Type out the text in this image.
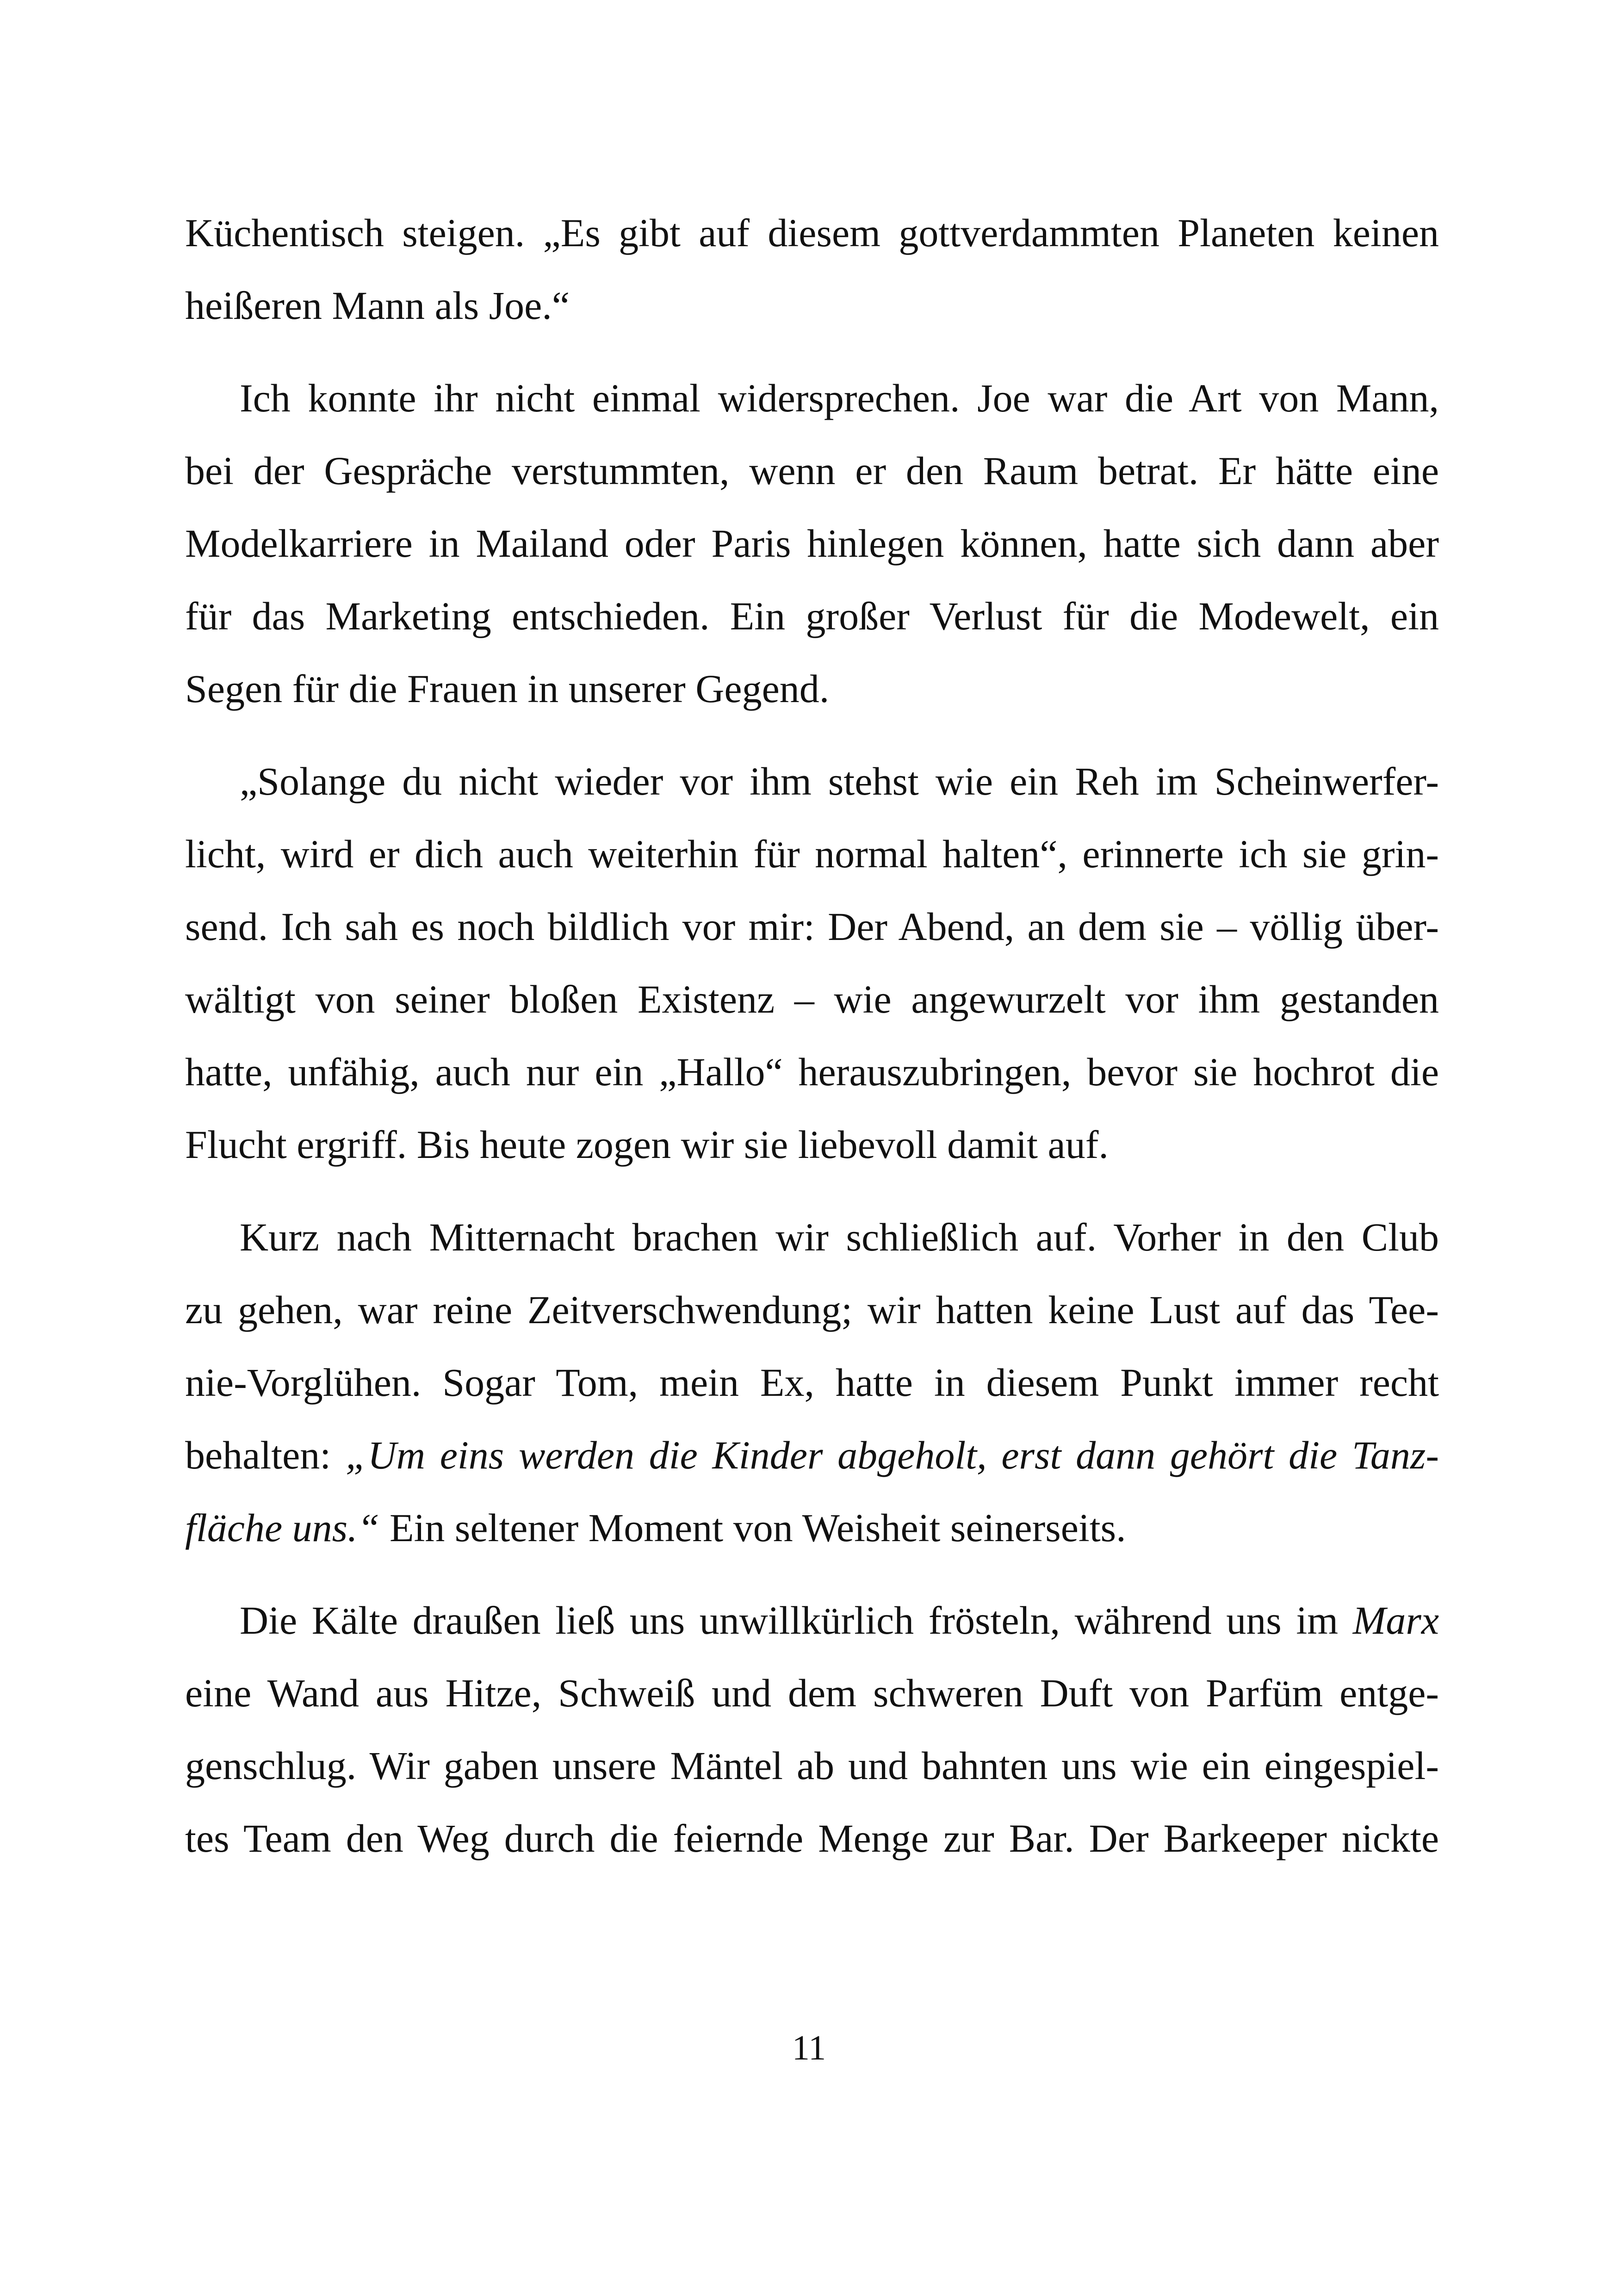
Küchentisch steigen. „Es gibt auf diesem gottverdammten Planeten keinen
heißeren Mann als Joe.“
Ich konnte ihr nicht einmal widersprechen. Joe war die Art von Mann,
bei der Gespräche verstummten, wenn er den Raum betrat. Er hätte eine
Modelkarriere in Mailand oder Paris hinlegen können, hatte sich dann aber
für das Marketing entschieden. Ein großer Verlust für die Modewelt, ein
Segen für die Frauen in unserer Gegend.
„Solange du nicht wieder vor ihm stehst wie ein Reh im Scheinwerfer-
licht, wird er dich auch weiterhin für normal halten“, erinnerte ich sie grin-
send. Ich sah es noch bildlich vor mir: Der Abend, an dem sie – völlig über-
wältigt von seiner bloßen Existenz – wie angewurzelt vor ihm gestanden
hatte, unfähig, auch nur ein „Hallo“ herauszubringen, bevor sie hochrot die
Flucht ergriff. Bis heute zogen wir sie liebevoll damit auf.
Kurz nach Mitternacht brachen wir schließlich auf. Vorher in den Club
zu gehen, war reine Zeitverschwendung; wir hatten keine Lust auf das Tee-
nie-Vorglühen. Sogar Tom, mein Ex, hatte in diesem Punkt immer recht
behalten: „Um eins werden die Kinder abgeholt, erst dann gehört die Tanz-
fläche uns.“ Ein seltener Moment von Weisheit seinerseits.
Die Kälte draußen ließ uns unwillkürlich frösteln, während uns im Marx
eine Wand aus Hitze, Schweiß und dem schweren Duft von Parfüm entge-
genschlug. Wir gaben unsere Mäntel ab und bahnten uns wie ein eingespiel-
tes Team den Weg durch die feiernde Menge zur Bar. Der Barkeeper nickte
11
